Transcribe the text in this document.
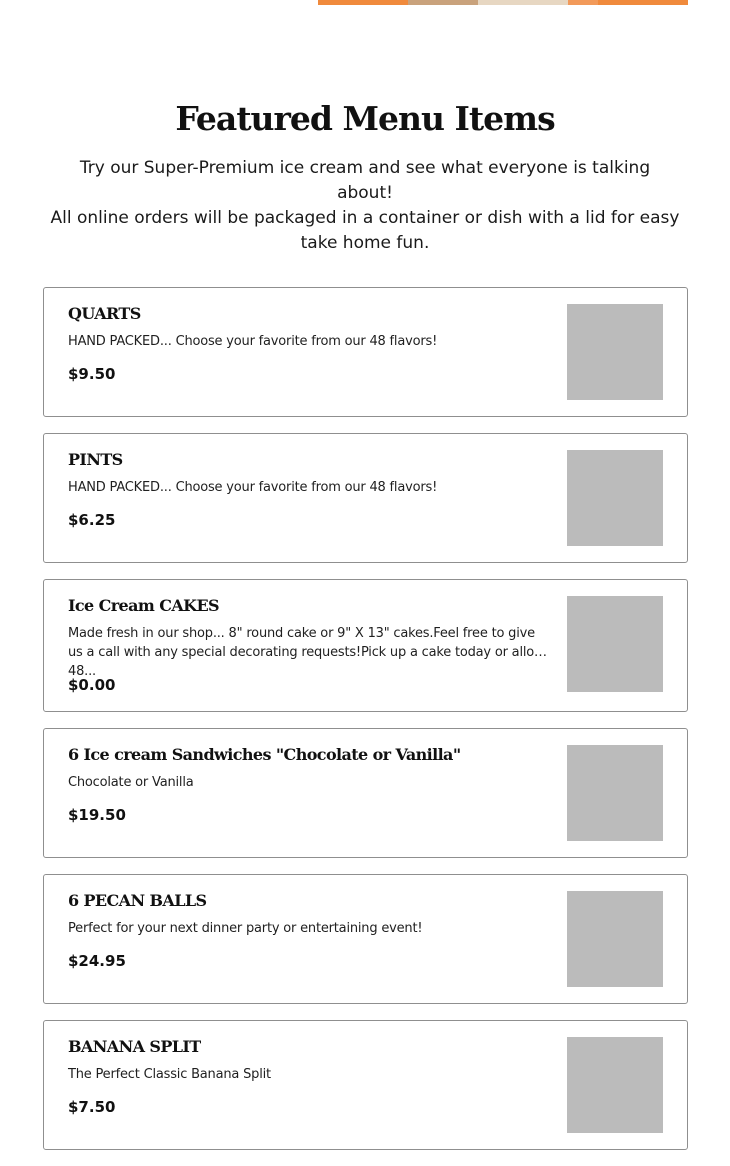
Featured Menu Items

Try our Super-Premium ice cream and see what everyone is talking about!
All online orders will be packaged in a container or dish with a lid for easy take home fun.

QUARTS
HAND PACKED... Choose your favorite from our 48 flavors!
$9.50
PINTS
HAND PACKED... Choose your favorite from our 48 flavors!
$6.25
Ice Cream CAKES
Made fresh in our shop... 8" round cake or 9" X 13" cakes.Feel free to give us a call with any special decorating requests!Pick up a cake today or allow 48...
$0.00
6 Ice cream Sandwiches "Chocolate or Vanilla"
Chocolate or Vanilla
$19.50
6 PECAN BALLS
Perfect for your next dinner party or entertaining event!
$24.95
BANANA SPLIT
The Perfect Classic Banana Split
$7.50
